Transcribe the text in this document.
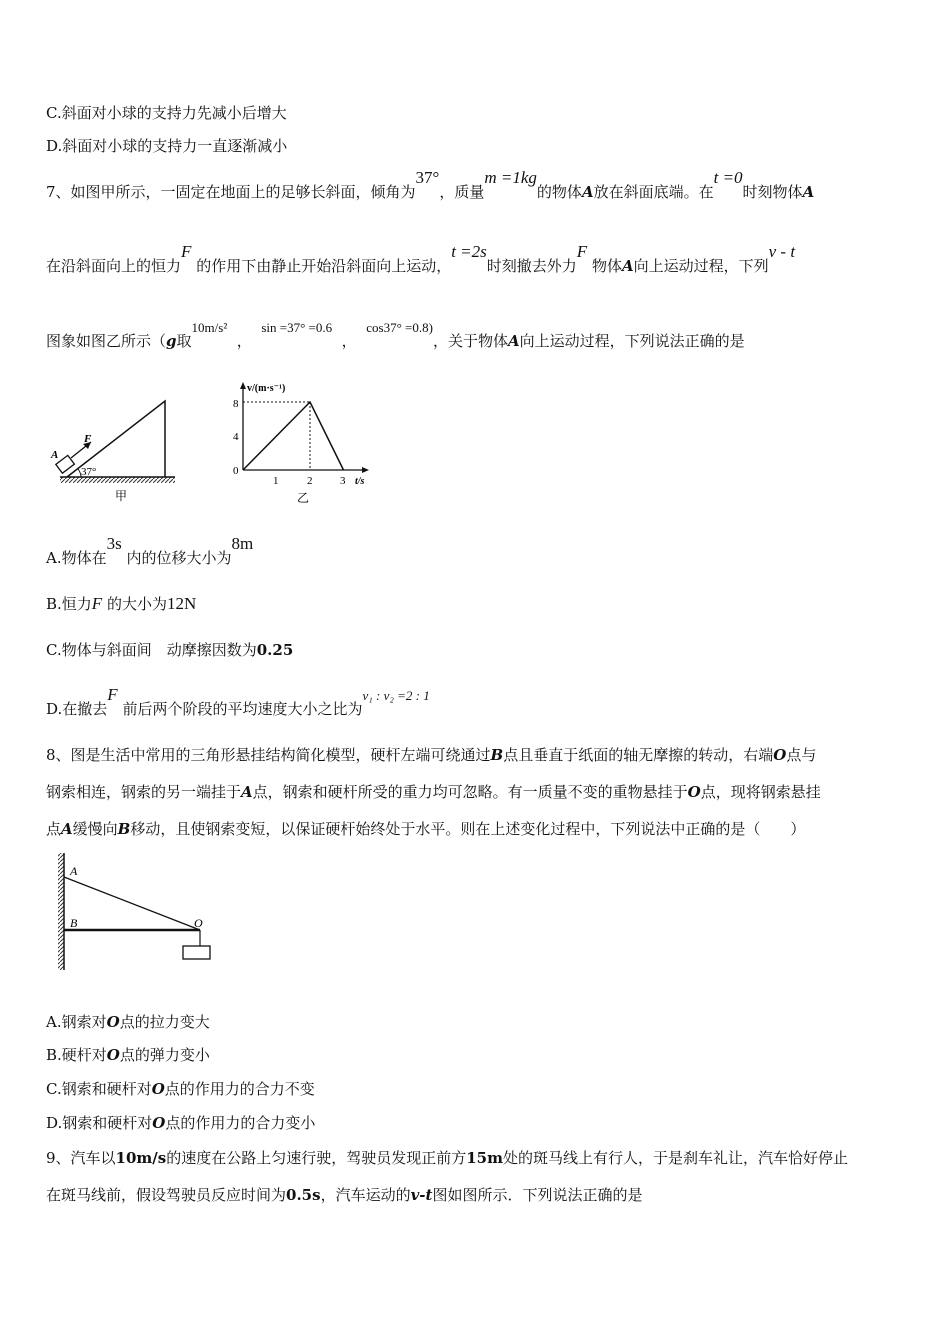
C.斜面对小球的支持力先减小后增大
D.斜面对小球的支持力一直逐渐减小
7、如图甲所示，一固定在地面上的足够长斜面，倾角为37°，质量m =1kg的物体A放在斜面底端。在t =0时刻物体A
在沿斜面向上的恒力F 的作用下由静止开始沿斜面向上运动，t =2s时刻撤去外力F 物体A向上运动过程，下列v - t
图象如图乙所示（g取10m/s²  ，  sin =37° =0.6  ，  cos37° =0.8)，关于物体A向上运动过程，下列说法正确的是
A
F
37°
甲
v/(m·s⁻¹)
t/s
8
4
0
1	2	3
乙
A.物体在3s 内的位移大小为8m
B.恒力F 的大小为12N
C.物体与斜面间　动摩擦因数为0.25
D.在撤去F 前后两个阶段的平均速度大小之比为v₁ : v₂ =2 : 1
8、图是生活中常用的三角形悬挂结构简化模型，硬杆左端可绕通过B点且垂直于纸面的轴无摩擦的转动，右端O点与
钢索相连，钢索的另一端挂于A点，钢索和硬杆所受的重力均可忽略。有一质量不变的重物悬挂于O点，现将钢索悬挂
点A缓慢向B移动，且使钢索变短，以保证硬杆始终处于水平。则在上述变化过程中，下列说法中正确的是（　　）
A
B	O
A.钢索对O点的拉力变大
B.硬杆对O点的弹力变小
C.钢索和硬杆对O点的作用力的合力不变
D.钢索和硬杆对O点的作用力的合力变小
9、汽车以10m/s的速度在公路上匀速行驶，驾驶员发现正前方15m处的斑马线上有行人，于是刹车礼让，汽车恰好停止
在斑马线前，假设驾驶员反应时间为0.5s，汽车运动的v-t图如图所示．下列说法正确的是
